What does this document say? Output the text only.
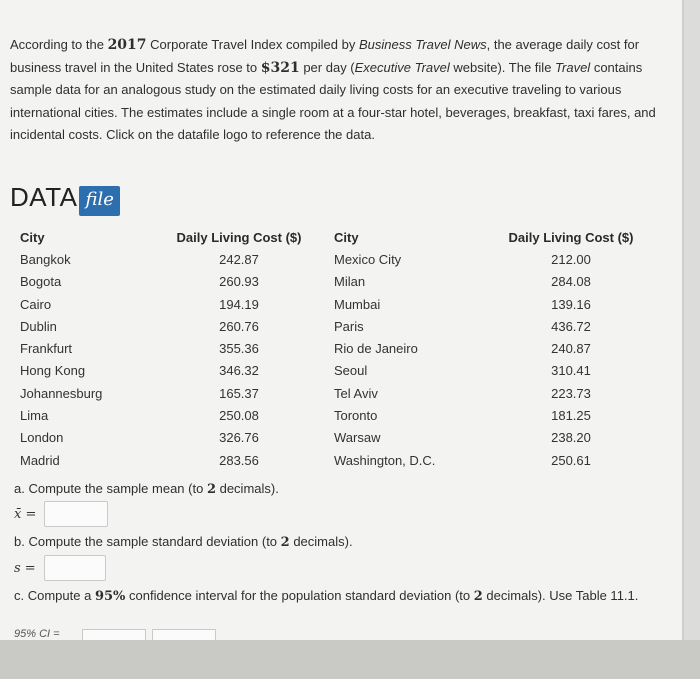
According to the 2017 Corporate Travel Index compiled by Business Travel News, the average daily cost for business travel in the United States rose to $321 per day (Executive Travel website). The file Travel contains sample data for an analogous study on the estimated daily living costs for an executive traveling to various international cities. The estimates include a single room at a four-star hotel, beverages, breakfast, taxi fares, and incidental costs. Click on the datafile logo to reference the data.
DATA file
City	Daily Living Cost ($)	City	Daily Living Cost ($)
Bangkok	242.87	Mexico City	212.00
Bogota	260.93	Milan	284.08
Cairo	194.19	Mumbai	139.16
Dublin	260.76	Paris	436.72
Frankfurt	355.36	Rio de Janeiro	240.87
Hong Kong	346.32	Seoul	310.41
Johannesburg	165.37	Tel Aviv	223.73
Lima	250.08	Toronto	181.25
London	326.76	Warsaw	238.20
Madrid	283.56	Washington, D.C.	250.61
a. Compute the sample mean (to 2 decimals).
x̄ =
b. Compute the sample standard deviation (to 2 decimals).
s =
c. Compute a 95% confidence interval for the population standard deviation (to 2 decimals). Use Table 11.1.
95% CI =
